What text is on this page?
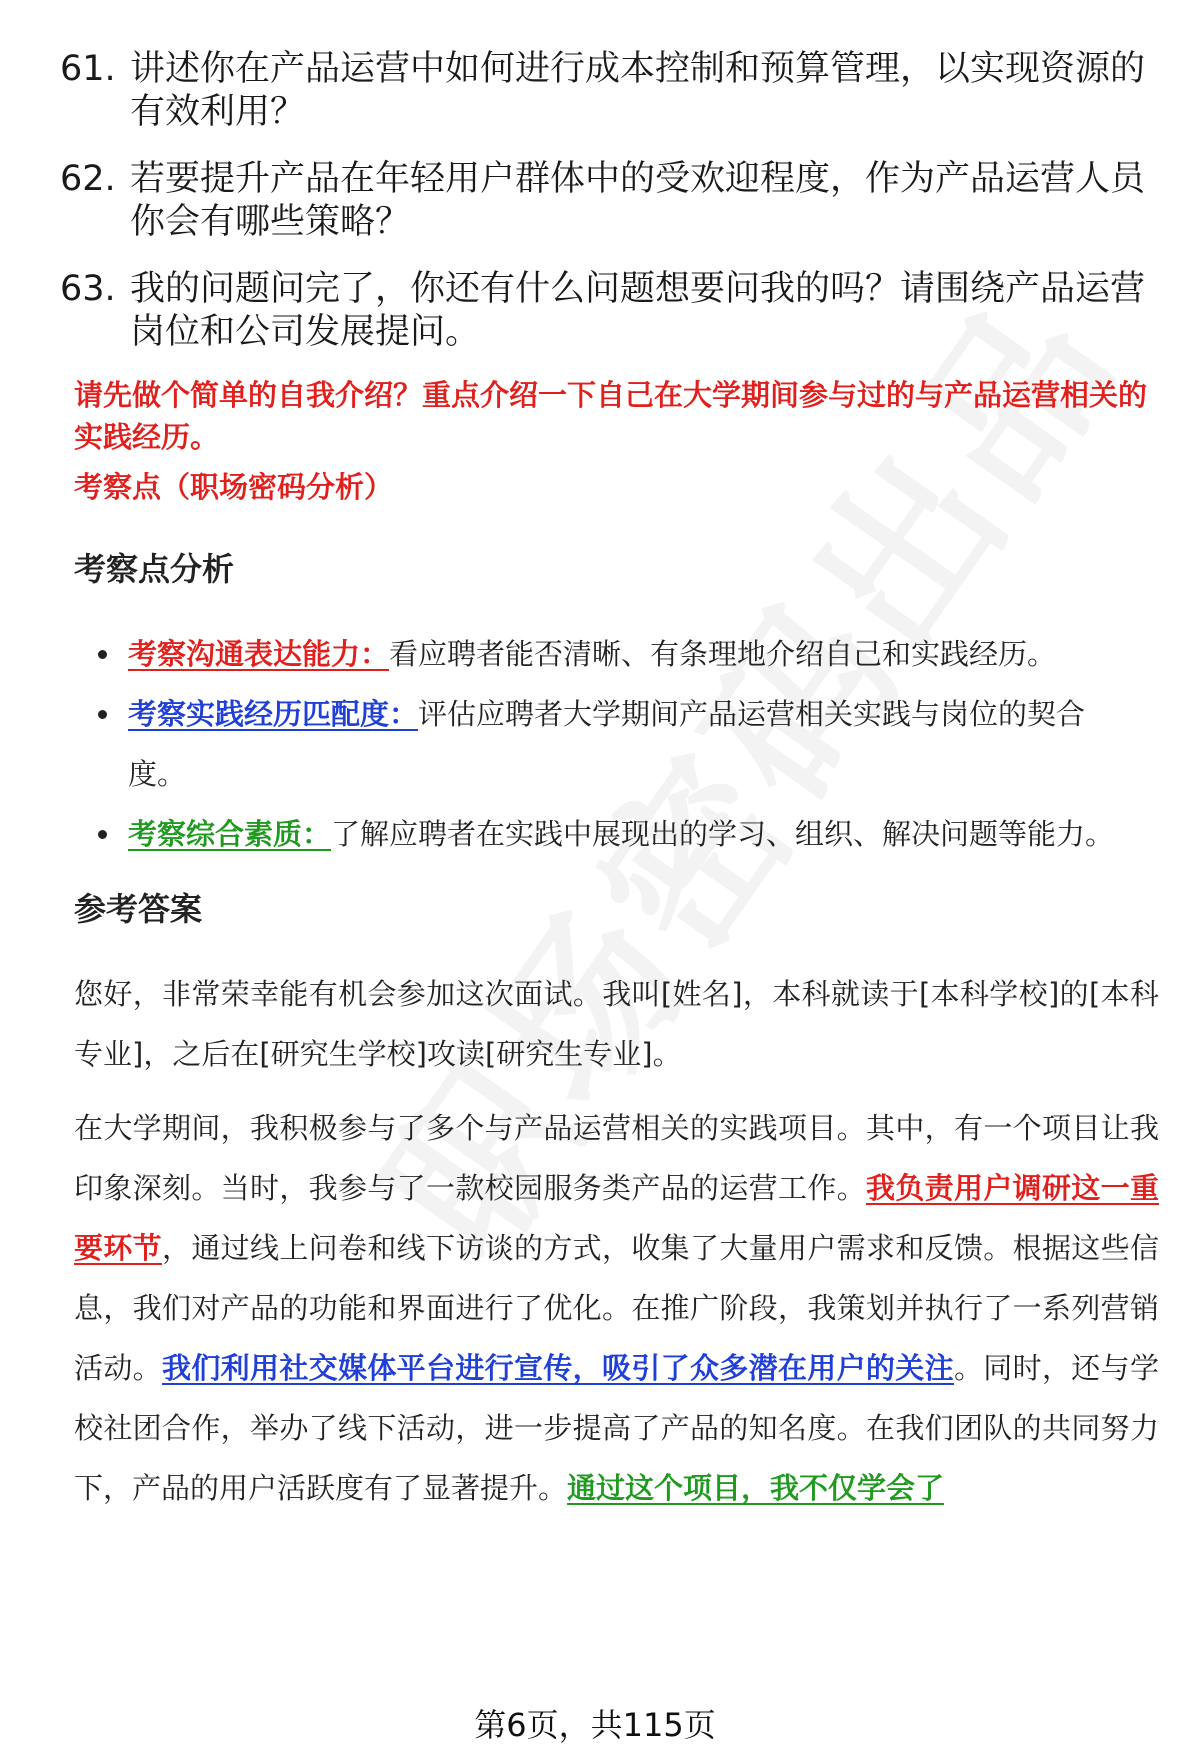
61. 讲述你在产品运营中如何进行成本控制和预算管理，以实现资源的有效利用？
62. 若要提升产品在年轻用户群体中的受欢迎程度，作为产品运营人员你会有哪些策略？
63. 我的问题问完了，你还有什么问题想要问我的吗？请围绕产品运营岗位和公司发展提问。
请先做个简单的自我介绍？重点介绍一下自己在大学期间参与过的与产品运营相关的实践经历。
考察点（职场密码分析）
考察点分析
考察沟通表达能力：看应聘者能否清晰、有条理地介绍自己和实践经历。
考察实践经历匹配度：评估应聘者大学期间产品运营相关实践与岗位的契合度。
考察综合素质：了解应聘者在实践中展现出的学习、组织、解决问题等能力。
参考答案

您好，非常荣幸能有机会参加这次面试。我叫[姓名]，本科就读于[本科学校]的[本科专业]，之后在[研究生学校]攻读[研究生专业]。

在大学期间，我积极参与了多个与产品运营相关的实践项目。其中，有一个项目让我印象深刻。当时，我参与了一款校园服务类产品的运营工作。我负责用户调研这一重要环节，通过线上问卷和线下访谈的方式，收集了大量用户需求和反馈。根据这些信息，我们对产品的功能和界面进行了优化。在推广阶段，我策划并执行了一系列营销活动。我们利用社交媒体平台进行宣传，吸引了众多潜在用户的关注。同时，还与学校社团合作，举办了线下活动，进一步提高了产品的知名度。在我们团队的共同努力下，产品的用户活跃度有了显著提升。通过这个项目，我不仅学会了

第6页，共115页
